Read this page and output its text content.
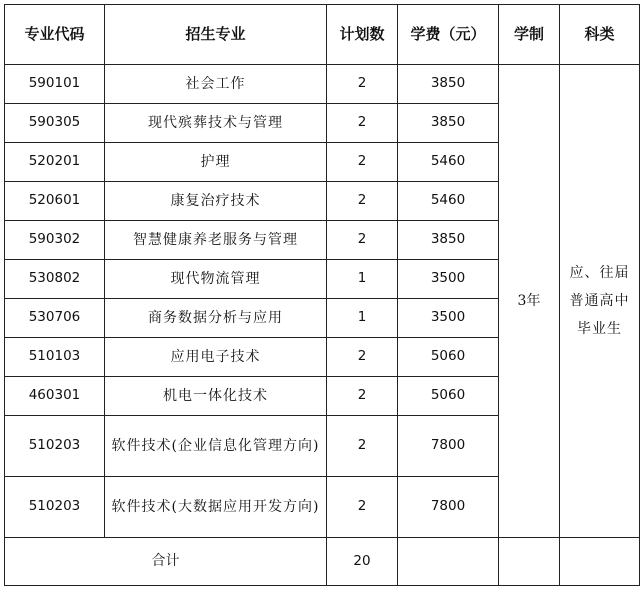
专业代码	招生专业	计划数	学费（元）	学制	科类
590101	社会工作	2	3850	3年	应、往届普通高中毕业生
590305	现代殡葬技术与管理	2	3850		
520201	护理	2	5460		
520601	康复治疗技术	2	5460		
590302	智慧健康养老服务与管理	2	3850		
530802	现代物流管理	1	3500		
530706	商务数据分析与应用	1	3500		
510103	应用电子技术	2	5060		
460301	机电一体化技术	2	5060		
510203	软件技术(企业信息化管理方向)	2	7800		
510203	软件技术(大数据应用开发方向)	2	7800		
合计		20			
